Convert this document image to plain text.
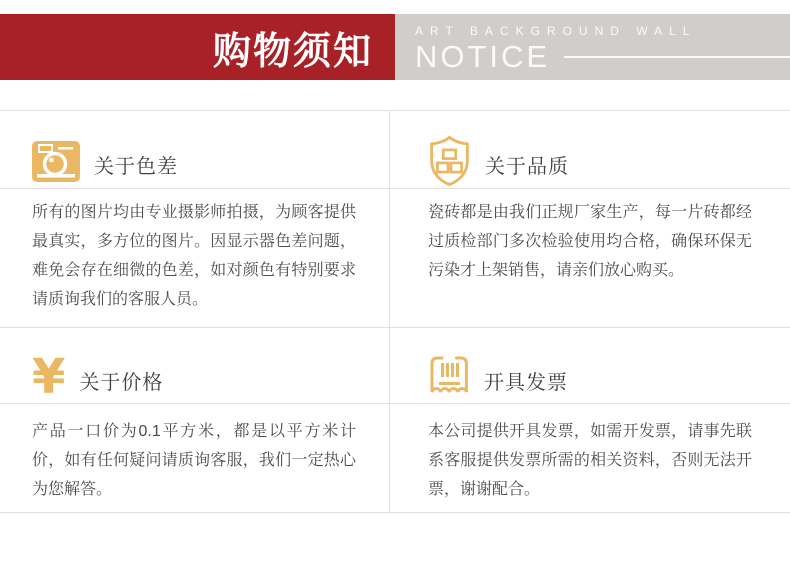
购物须知	ART BACKGROUND WALL
NOTICE
关于色差

所有的图片均由专业摄影师拍摄，为顾客提供最真实，多方位的图片。因显示器色差问题，难免会存在细微的色差，如对颜色有特别要求请质询我们的客服人员。

关于品质

瓷砖都是由我们正规厂家生产，每一片砖都经过质检部门多次检验使用均合格，确保环保无污染才上架销售，请亲们放心购买。

¥ 关于价格

产品一口价为0.1平方米，都是以平方米计价，如有任何疑问请质询客服，我们一定热心为您解答。

开具发票

本公司提供开具发票，如需开发票，请事先联系客服提供发票所需的相关资料，否则无法开票，谢谢配合。
